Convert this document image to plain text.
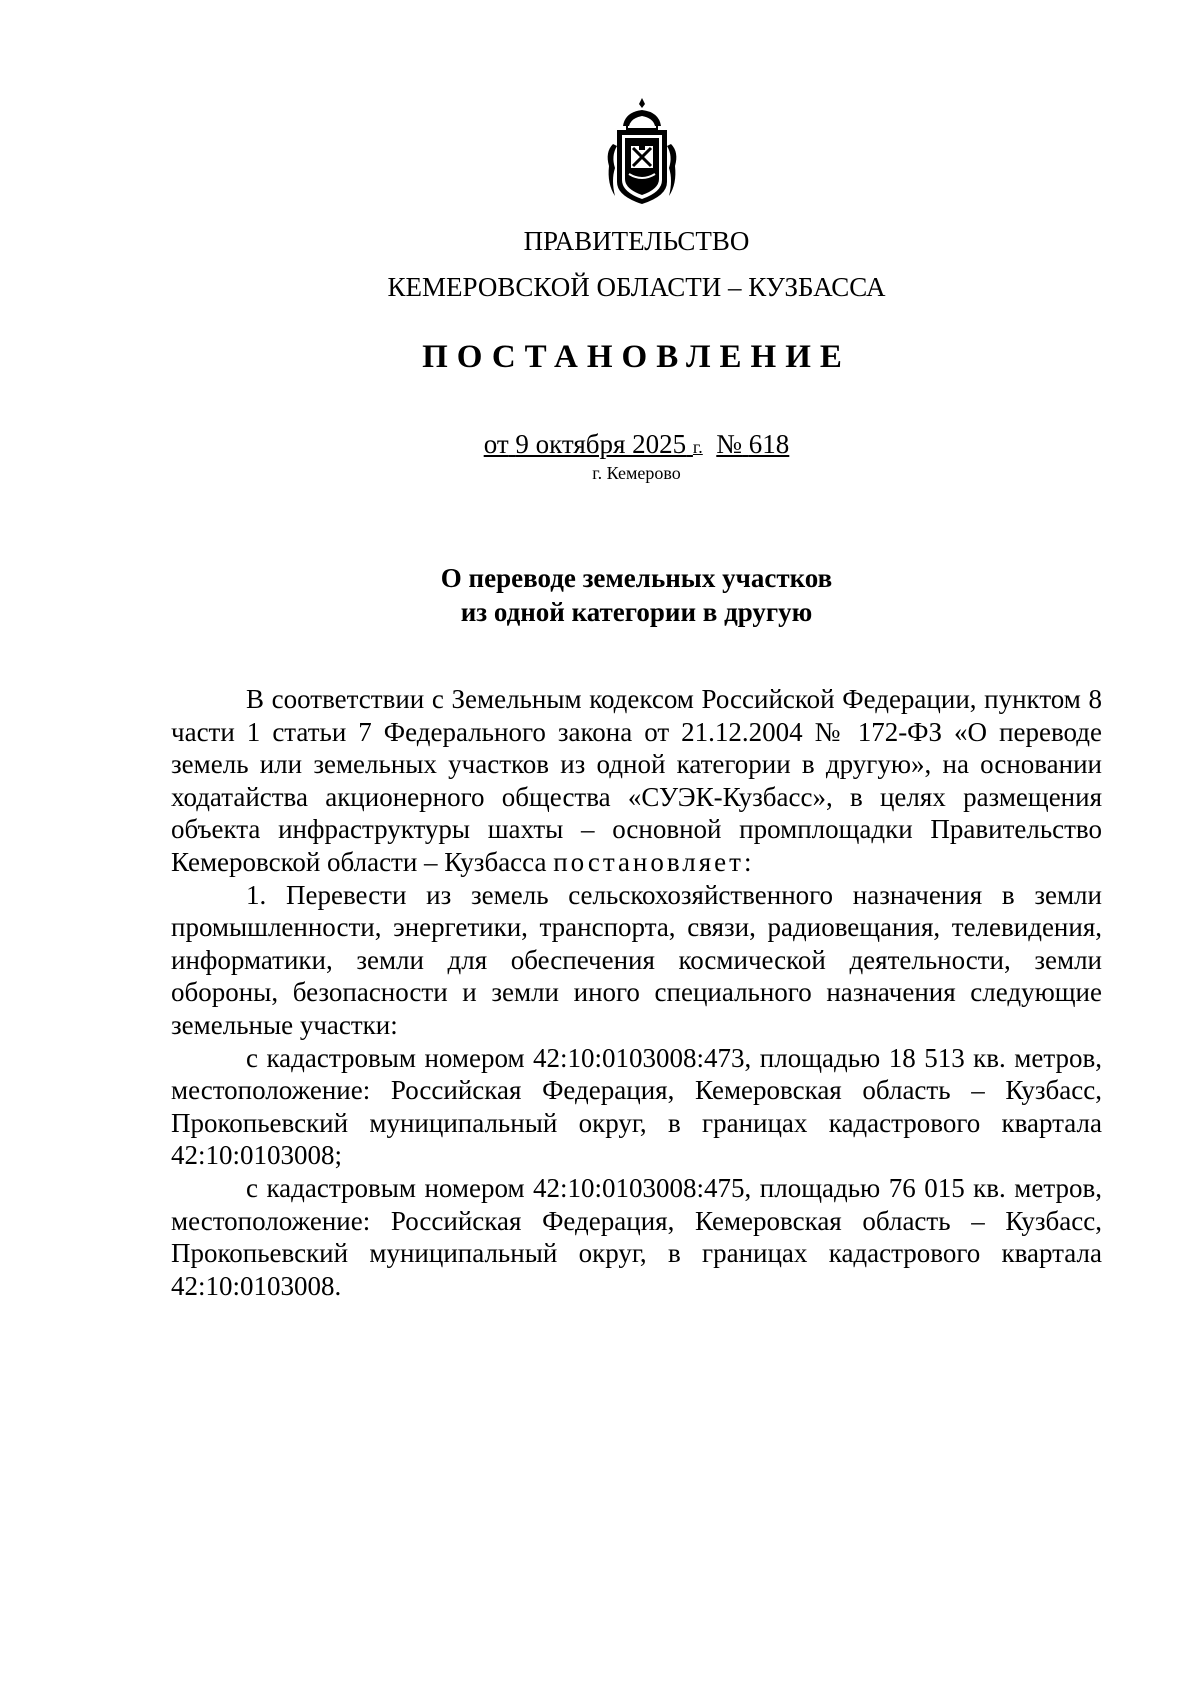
ПРАВИТЕЛЬСТВО
КЕМЕРОВСКОЙ ОБЛАСТИ – КУЗБАССА
ПОСТАНОВЛЕНИЕ
от 9 октября 2025 г. № 618
г. Кемерово
О переводе земельных участков
из одной категории в другую

В соответствии с Земельным кодексом Российской Федерации, пунктом 8 части 1 статьи 7 Федерального закона от 21.12.2004 № 172-ФЗ «О переводе земель или земельных участков из одной категории в другую», на основании ходатайства акционерного общества «СУЭК-Кузбасс», в целях размещения объекта инфраструктуры шахты – основной промплощадки Правительство Кемеровской области – Кузбасса постановляет:

1. Перевести из земель сельскохозяйственного назначения в земли промышленности, энергетики, транспорта, связи, радиовещания, телевидения, информатики, земли для обеспечения космической деятельности, земли обороны, безопасности и земли иного специального назначения следующие земельные участки:

с кадастровым номером 42:10:0103008:473, площадью 18 513 кв. метров, местоположение: Российская Федерация, Кемеровская область – Кузбасс, Прокопьевский муниципальный округ, в границах кадастрового квартала 42:10:0103008;

с кадастровым номером 42:10:0103008:475, площадью 76 015 кв. метров, местоположение: Российская Федерация, Кемеровская область – Кузбасс, Прокопьевский муниципальный округ, в границах кадастрового квартала 42:10:0103008.
